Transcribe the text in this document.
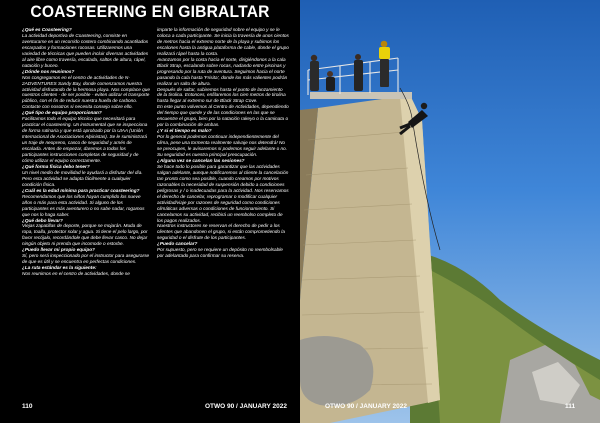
COASTEERING EN GIBRALTAR

¿Qué es Coasteering?

La actividad deportiva de Coasteering, consiste en aventurarse en un recorrido costero combinando acantilados escarpados y formaciones rocosas. Utilizaremos una variedad de técnicas que pueden incluir diversas actividades al aire libre como travesía, escalada, saltos de altura, rápel, natación y buceo.

¿Dónde nos reunimos?

Nos congregamos en el centro de actividades de N-2ADVENTURES Sandy Bay, donde comenzamos nuestra actividad disfrutando de la hermosa playa. Nos complace que nuestros clientes - de ser posible - eviten utilizar el transporte público, con el fin de reducir nuestra huella de carbono. Contacte con nosotros si necesita consejo sobre ello.

¿Qué tipo de equipo proporcionan?

Facilitamos todo el equipo técnico que necesitará para practicar el coasteering. Un instrumental que se inspecciona de forma rutinaria y que está aprobado por la UIAA (Unión Internacional de Asociaciones Alpinistas). Se le suministrará un traje de neopreno, casco de seguridad y arnés de escalada. Antes de empezar, daremos a todos los participantes instrucciones completas de seguridad y de cómo utilizar el equipo correctamente.

¿Qué forma física debo tener?

Un nivel medio de movilidad le ayudará a disfrutar del día. Pero esta actividad se adapta fácilmente a cualquier condición física.

¿Cuál es la edad mínima para practicar coasteering?

Recomendamos que los niños hayan cumplido los nueve años o más para esta actividad. Si alguno de los participantes es más aventurero o no sabe nadar, rogamos que nos lo haga saber.

¿Qué debo llevar?

Viejas zapatillas de deporte, porque se mojarán. Muda de ropa, toalla, protector solar y agua. Si tiene el pelo largo, por favor recójalo, recordándole que debe llevar casco. No dejar ningún objeto ni prenda que incomode o estorbe.

¿Puedo llevar mi propio equipo?

Sí, pero será inspeccionado por el instructor para asegurarse de que es útil y se encuentra en perfectas condiciones.

¿La ruta estándar es la siguiente:

Nos reunimos en el centro de actividades, donde se

imparte la información de seguridad sobre el equipo y se le coloca a cada participante. Se inicia la travesía de unos cientos de metros hacia el extremo norte de la playa y subimos los escalones hasta la antigua plataforma de cable, donde el grupo realizará rápel hasta la costa.

Avanzamos por la costa hacia el norte, dirigiéndonos a la cala Black Strap, escalando sobre rocas, nadando entre piscinas y progresando por la ruta de aventura. Seguimos hacia el norte pasando la cala hasta 'Frisita', donde los más valientes podrán realizar un salto de altura.

Después de saltar, subiremos hasta el punto de lanzamiento de la tirolina. Entonces, enfilaremos los cien metros de tirolina hasta llegar al extremo sur de Black Strap Cove.

En este punto volvemos al Centro de Actividades, dependiendo del tiempo que quede y de las condiciones en las que se encuentre el grupo, bien por la natación rakeyo o la caminata o por la combinación de ambas.

¿Y si el tiempo es malo?

Por lo general podemos continuar independientemente del clima, pese una tormenta realmente salvaje nos detendrá! No se preocupes, le avisaremos si podemos seguir adelante o no. Su seguridad es nuestra principal preocupación.

¿Alguna vez se cancelan las sesiones?

Se hace todo lo posible para garantizar que las actividades salgan adelante, aunque notificaremos al cliente la cancelación tan pronto como sea posible, cuando creamos por motivos razonables la necesidad de suspensión debido a condiciones peligrosas y / o inadecuadas para la actividad. Nos reservamos el derecho de cancelar, reprogramar o modificar cualquier actividad/viaje por razones de seguridad como condiciones climáticas adversas o condiciones de funcionamiento. Si cancelamos su actividad, recibirá un reembolso completo de los pagos realizados.

Nuestros instructores se reservan el derecho de pedir a los clientes que abandonen el grupo, si están comprometiendo la seguridad o el disfrute de los participantes.

¿Puedo cancelar?

Por supuesto, pero se requiere un depósito no reembolsable por adelantado para confirmar su reserva.

110	OTWO 90 / JANUARY 2022	OTWO 90 / JANUARY 2022	111
